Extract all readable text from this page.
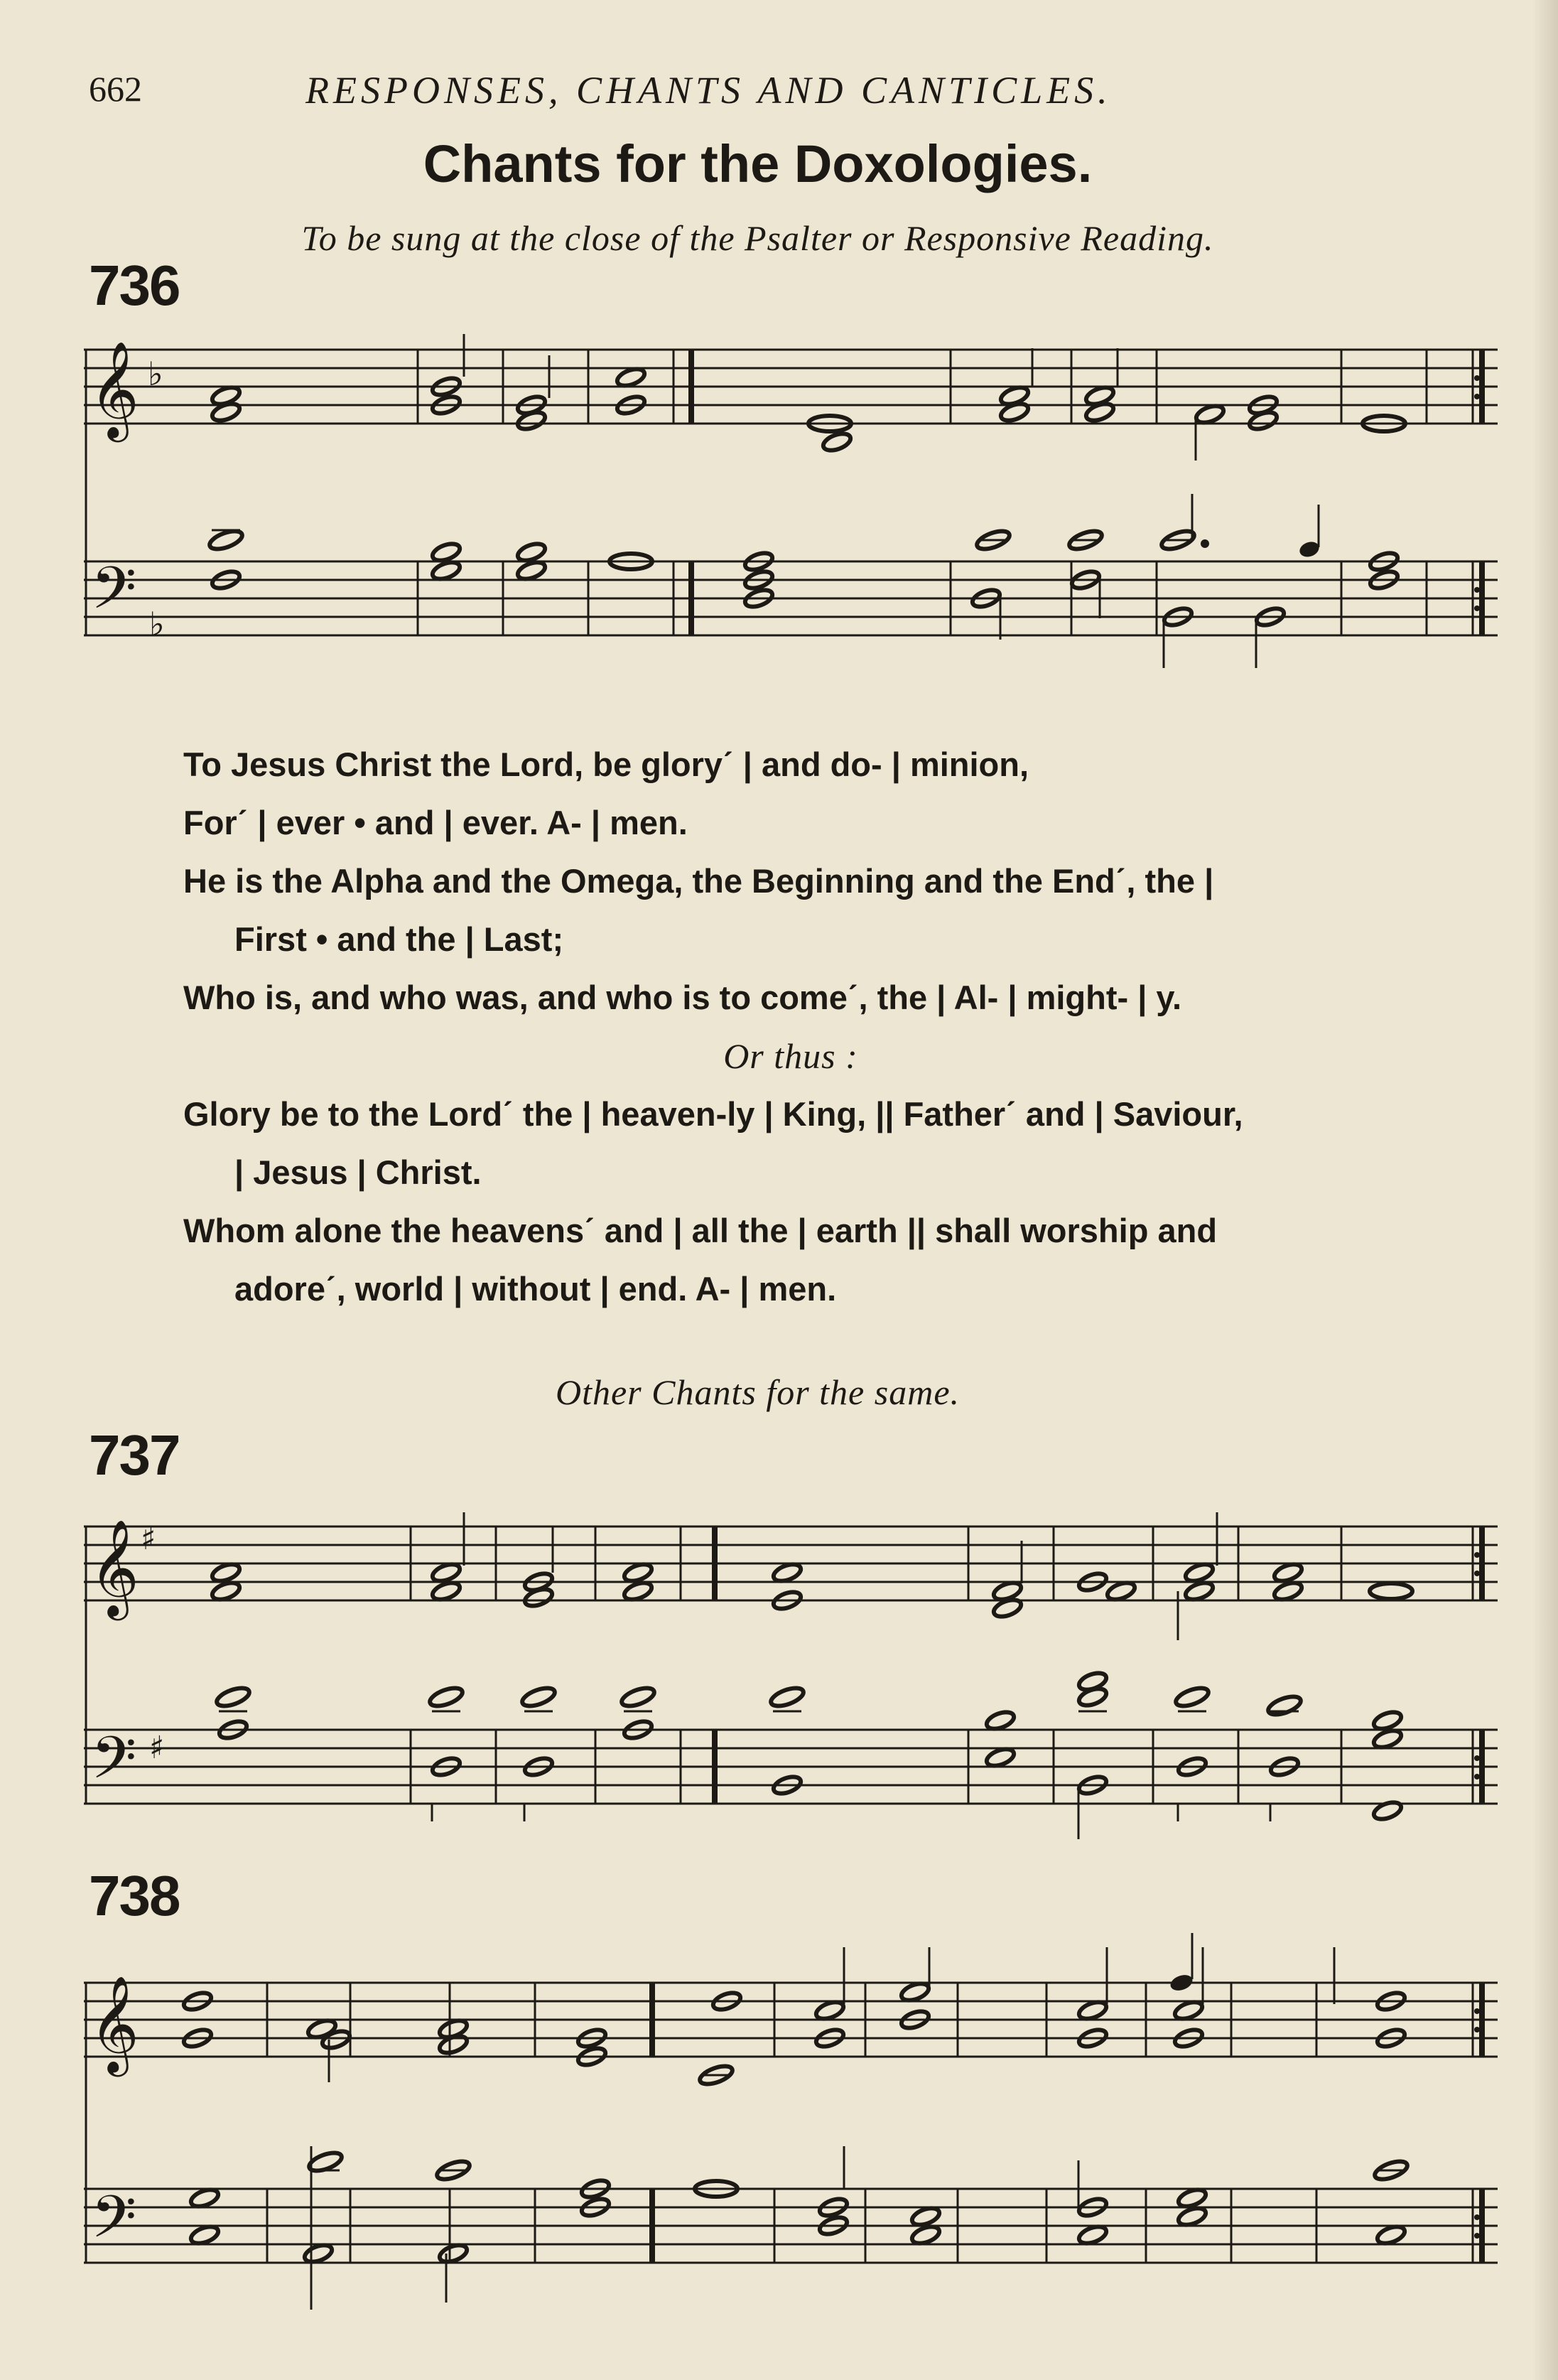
662	RESPONSES, CHANTS AND CANTICLES.
Chants for the Doxologies.
To be sung at the close of the Psalter or Responsive Reading.
736
𝄞
𝄢
♭
♭
To Jesus Christ the Lord, be gloryˊ | and do- | minion,
Forˊ | ever • and | ever. A- | men.
He is the Alpha and the Omega, the Beginning and the Endˊ, the |
First • and the | Last;
Who is, and who was, and who is to comeˊ, the | Al- | might- | y.
Or thus :
Glory be to the Lordˊ the | heaven-ly | King, || Fatherˊ and | Saviour,
| Jesus | Christ.
Whom alone the heavensˊ and | all the | earth || shall worship and
adoreˊ, world | without | end. A- | men.
Other Chants for the same.
737
𝄞
𝄢
♯
♯
738
𝄞
𝄢
